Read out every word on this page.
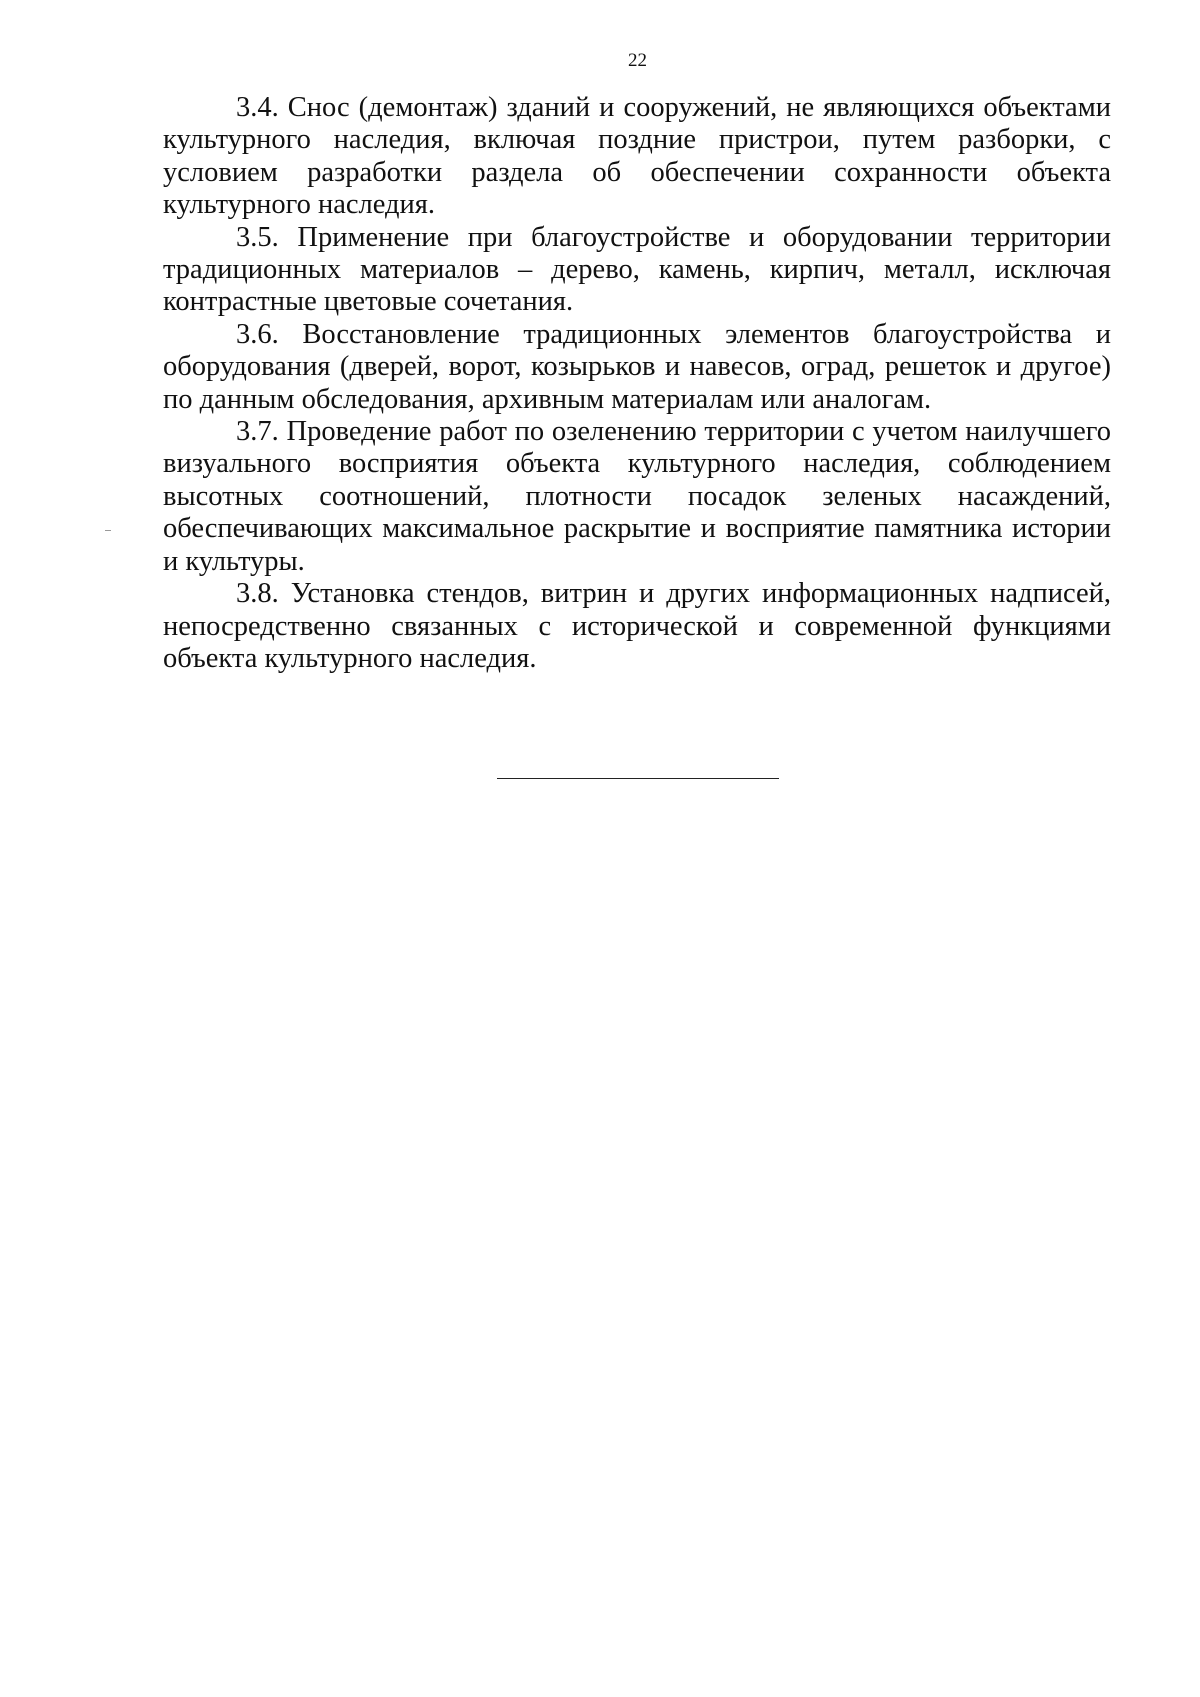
22

3.4. Снос (демонтаж) зданий и сооружений, не являющихся объектами культурного наследия, включая поздние пристрои, путем разборки, с условием разработки раздела об обеспечении сохранности объекта культурного наследия.

3.5. Применение при благоустройстве и оборудовании территории традиционных материалов – дерево, камень, кирпич, металл, исключая контрастные цветовые сочетания.

3.6. Восстановление традиционных элементов благоустройства и оборудования (дверей, ворот, козырьков и навесов, оград, решеток и другое) по данным обследования, архивным материалам или аналогам.

3.7. Проведение работ по озеленению территории с учетом наилучшего визуального восприятия объекта культурного наследия, соблюдением высотных соотношений, плотности посадок зеленых насаждений, обеспечивающих максимальное раскрытие и восприятие памятника истории и культуры.

3.8. Установка стендов, витрин и других информационных надписей, непосредственно связанных с исторической и современной функциями объекта культурного наследия.
